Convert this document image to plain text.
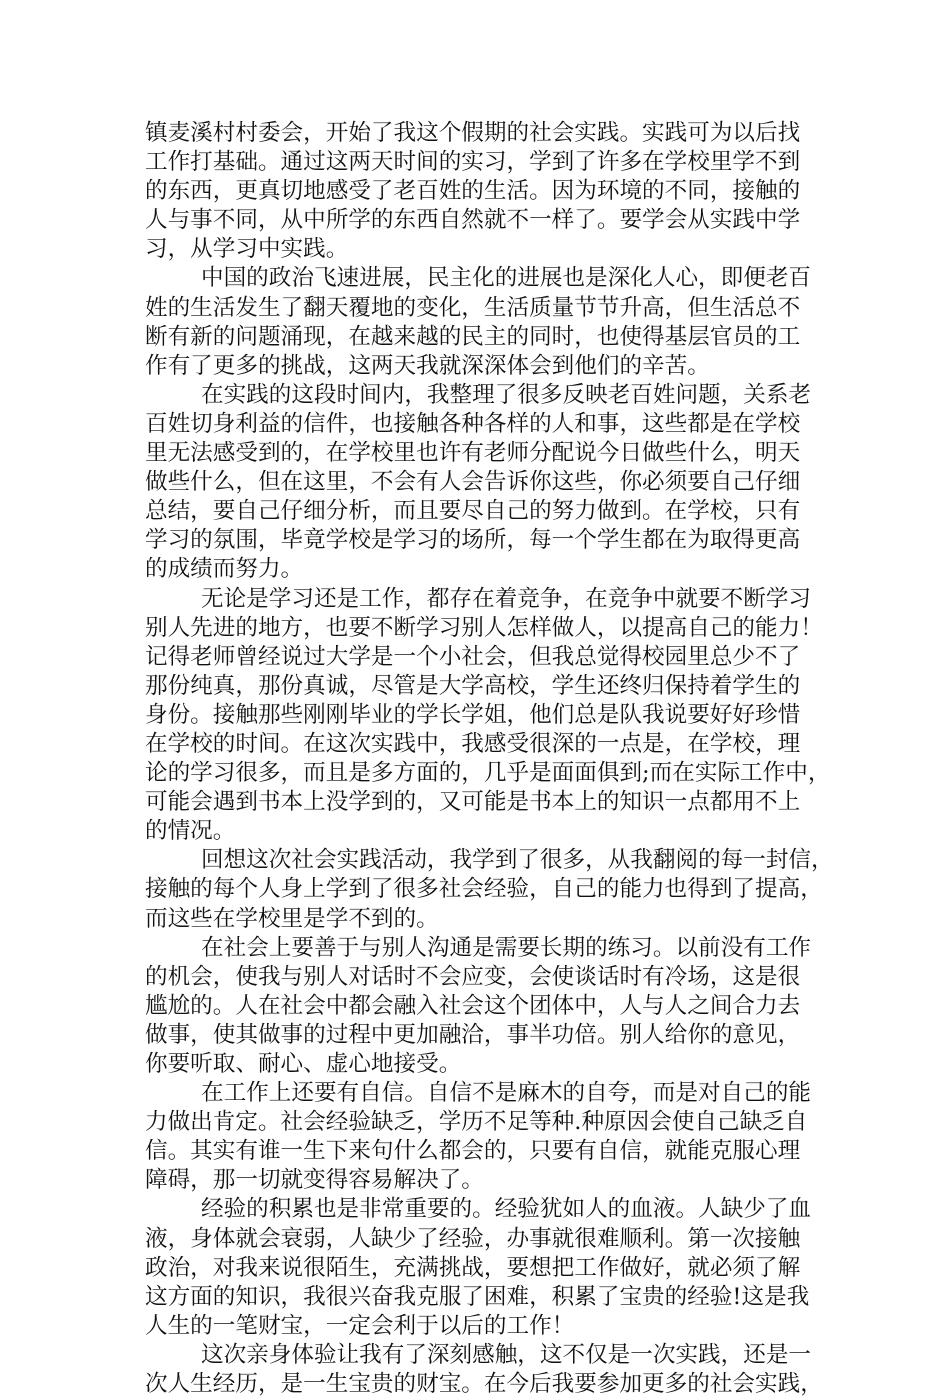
镇麦溪村村委会，开始了我这个假期的社会实践。实践可为以后找
工作打基础。通过这两天时间的实习，学到了许多在学校里学不到
的东西，更真切地感受了老百姓的生活。因为环境的不同，接触的
人与事不同，从中所学的东西自然就不一样了。要学会从实践中学
习，从学习中实践。
中国的政治飞速进展，民主化的进展也是深化人心，即便老百
姓的生活发生了翻天覆地的变化，生活质量节节升高，但生活总不
断有新的问题涌现，在越来越的民主的同时，也使得基层官员的工
作有了更多的挑战，这两天我就深深体会到他们的辛苦。
在实践的这段时间内，我整理了很多反映老百姓问题，关系老
百姓切身利益的信件，也接触各种各样的人和事，这些都是在学校
里无法感受到的，在学校里也许有老师分配说今日做些什么，明天
做些什么，但在这里，不会有人会告诉你这些，你必须要自己仔细
总结，要自己仔细分析，而且要尽自己的努力做到。在学校，只有
学习的氛围，毕竟学校是学习的场所，每一个学生都在为取得更高
的成绩而努力。
无论是学习还是工作，都存在着竞争，在竞争中就要不断学习
别人先进的地方，也要不断学习别人怎样做人，以提高自己的能力！
记得老师曾经说过大学是一个小社会，但我总觉得校园里总少不了
那份纯真，那份真诚，尽管是大学高校，学生还终归保持着学生的
身份。接触那些刚刚毕业的学长学姐，他们总是队我说要好好珍惜
在学校的时间。在这次实践中，我感受很深的一点是，在学校，理
论的学习很多，而且是多方面的，几乎是面面俱到;而在实际工作中，
可能会遇到书本上没学到的，又可能是书本上的知识一点都用不上
的情况。
回想这次社会实践活动，我学到了很多，从我翻阅的每一封信，
接触的每个人身上学到了很多社会经验，自己的能力也得到了提高，
而这些在学校里是学不到的。
在社会上要善于与别人沟通是需要长期的练习。以前没有工作
的机会，使我与别人对话时不会应变，会使谈话时有冷场，这是很
尴尬的。人在社会中都会融入社会这个团体中，人与人之间合力去
做事，使其做事的过程中更加融洽，事半功倍。别人给你的意见，
你要听取、耐心、虚心地接受。
在工作上还要有自信。自信不是麻木的自夸，而是对自己的能
力做出肯定。社会经验缺乏，学历不足等种.种原因会使自己缺乏自
信。其实有谁一生下来句什么都会的，只要有自信，就能克服心理
障碍，那一切就变得容易解决了。
经验的积累也是非常重要的。经验犹如人的血液。人缺少了血
液，身体就会衰弱，人缺少了经验，办事就很难顺利。第一次接触
政治，对我来说很陌生，充满挑战，要想把工作做好，就必须了解
这方面的知识，我很兴奋我克服了困难，积累了宝贵的经验!这是我
人生的一笔财宝，一定会利于以后的工作！
这次亲身体验让我有了深刻感触，这不仅是一次实践，还是一
次人生经历，是一生宝贵的财宝。在今后我要参加更多的社会实践，
